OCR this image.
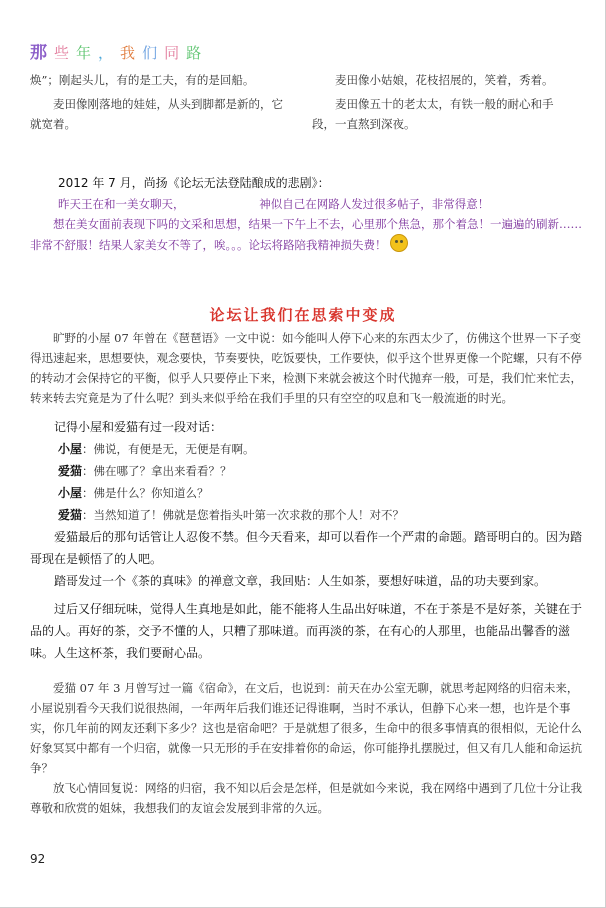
那 些 年 ， 我 们 同 路

焕”；刚起头儿，有的是工夫，有的是回船。

麦田像刚落地的娃娃，从头到脚都是新的，它就宽着。

麦田像小姑娘，花枝招展的，笑着，秀着。

麦田像五十的老太太，有铁一般的耐心和手段，一直熬到深夜。

2012 年 7 月，尚扬《论坛无法登陆酿成的悲剧》：

昨天王在和一美女聊天，　　　　　　　神似自己在网路人发过很多帖子，非常得意！

想在美女面前表现下吗的文采和思想，结果一下午上不去，心里那个焦急，那个着急！一遍遍的刷新……非常不舒服！结果人家美女不等了，唉。。。论坛将路陪我精神损失费！

论坛让我们在思索中变成

旷野的小屋 07 年曾在《琶琶语》一文中说：如今能叫人停下心来的东西太少了，仿佛这个世界一下子变得迅速起来，思想要快，观念要快，节奏要快，吃饭要快，工作要快，似乎这个世界更像一个陀螺，只有不停的转动才会保持它的平衡，似乎人只要停止下来，检测下来就会被这个时代抛弃一般，可是，我们忙来忙去，转来转去究竟是为了什么呢？到头来似乎给在我们手里的只有空空的叹息和飞一般流逝的时光。

记得小屋和爱猫有过一段对话：

小屋：佛说，有便是无，无便是有啊。

爱猫：佛在哪了？拿出来看看？？

小屋：佛是什么？你知道么？

爱猫：当然知道了！佛就是您着指头叶第一次求救的那个人！对不？

爱猫最后的那句话管让人忍俊不禁。但今天看来，却可以看作一个严肃的命题。踏哥明白的。因为踏哥现在是顿悟了的人吧。

踏哥发过一个《茶的真味》的禅意文章，我回贴：人生如茶，要想好味道，品的功夫要到家。

过后又仔细玩味，觉得人生真地是如此，能不能将人生品出好味道，不在于茶是不是好茶，关键在于品的人。再好的茶，交予不懂的人，只糟了那味道。而再淡的茶，在有心的人那里，也能品出馨香的滋味。人生这杯茶，我们要耐心品。

爱猫 07 年 3 月曾写过一篇《宿命》，在文后，也说到：前天在办公室无聊，就思考起网络的归宿未来，小屋说别看今天我们说很热闹，一年两年后我们谁还记得谁啊，当时不承认，但静下心来一想，也许是个事实，你几年前的网友还剩下多少？这也是宿命吧？于是就想了很多，生命中的很多事情真的很相似，无论什么好象冥冥中都有一个归宿，就像一只无形的手在安排着你的命运，你可能挣扎摆脱过，但又有几人能和命运抗争？

放飞心情回复说：网络的归宿，我不知以后会是怎样，但是就如今来说，我在网络中遇到了几位十分让我尊敬和欣赏的姐妹，我想我们的友谊会发展到非常的久远。

92
